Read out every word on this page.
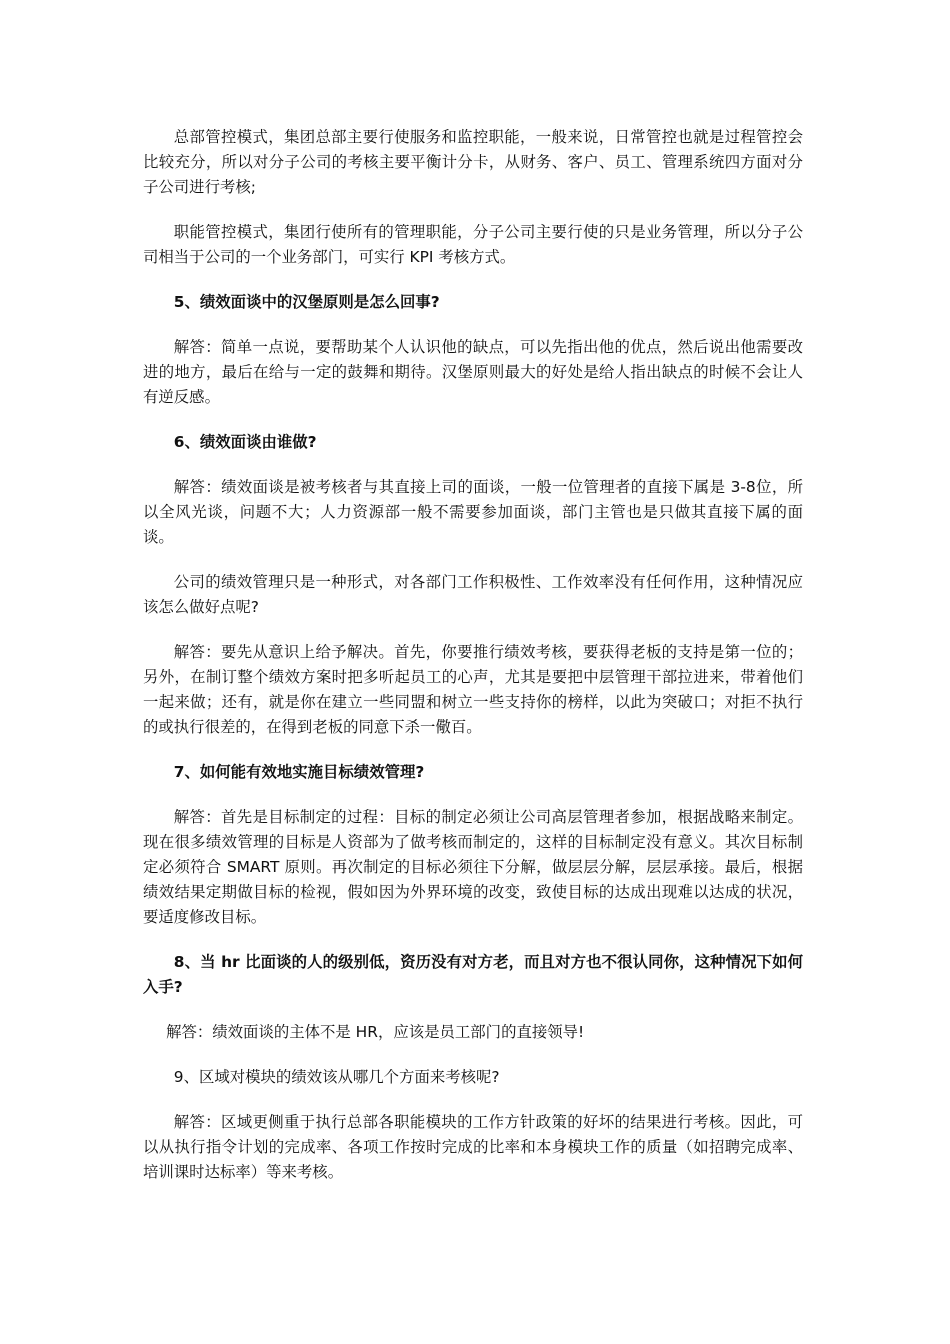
总部管控模式，集团总部主要行使服务和监控职能，一般来说，日常管控也就是过程管控会比较充分，所以对分子公司的考核主要平衡计分卡，从财务、客户、员工、管理系统四方面对分子公司进行考核;

职能管控模式，集团行使所有的管理职能，分子公司主要行使的只是业务管理，所以分子公司相当于公司的一个业务部门，可实行 KPI 考核方式。

5、绩效面谈中的汉堡原则是怎么回事?

解答：简单一点说，要帮助某个人认识他的缺点，可以先指出他的优点，然后说出他需要改进的地方，最后在给与一定的鼓舞和期待。汉堡原则最大的好处是给人指出缺点的时候不会让人有逆反感。

6、绩效面谈由谁做?

解答：绩效面谈是被考核者与其直接上司的面谈，一般一位管理者的直接下属是 3-8位，所以全风光谈，问题不大；人力资源部一般不需要参加面谈，部门主管也是只做其直接下属的面谈。

公司的绩效管理只是一种形式，对各部门工作积极性、工作效率没有任何作用，这种情况应该怎么做好点呢?

解答：要先从意识上给予解决。首先，你要推行绩效考核，要获得老板的支持是第一位的；另外，在制订整个绩效方案时把多听起员工的心声，尤其是要把中层管理干部拉进来，带着他们一起来做；还有，就是你在建立一些同盟和树立一些支持你的榜样，以此为突破口；对拒不执行的或执行很差的，在得到老板的同意下杀一儆百。

7、如何能有效地实施目标绩效管理?

解答：首先是目标制定的过程：目标的制定必须让公司高层管理者参加，根据战略来制定。现在很多绩效管理的目标是人资部为了做考核而制定的，这样的目标制定没有意义。其次目标制定必须符合 SMART 原则。再次制定的目标必须往下分解，做层层分解，层层承接。最后，根据绩效结果定期做目标的检视，假如因为外界环境的改变，致使目标的达成出现难以达成的状况，要适度修改目标。

8、当 hr 比面谈的人的级别低，资历没有对方老，而且对方也不很认同你，这种情况下如何入手?

解答：绩效面谈的主体不是 HR，应该是员工部门的直接领导!

9、区域对模块的绩效该从哪几个方面来考核呢?

解答：区域更侧重于执行总部各职能模块的工作方针政策的好坏的结果进行考核。因此，可以从执行指令计划的完成率、各项工作按时完成的比率和本身模块工作的质量（如招聘完成率、培训课时达标率）等来考核。
